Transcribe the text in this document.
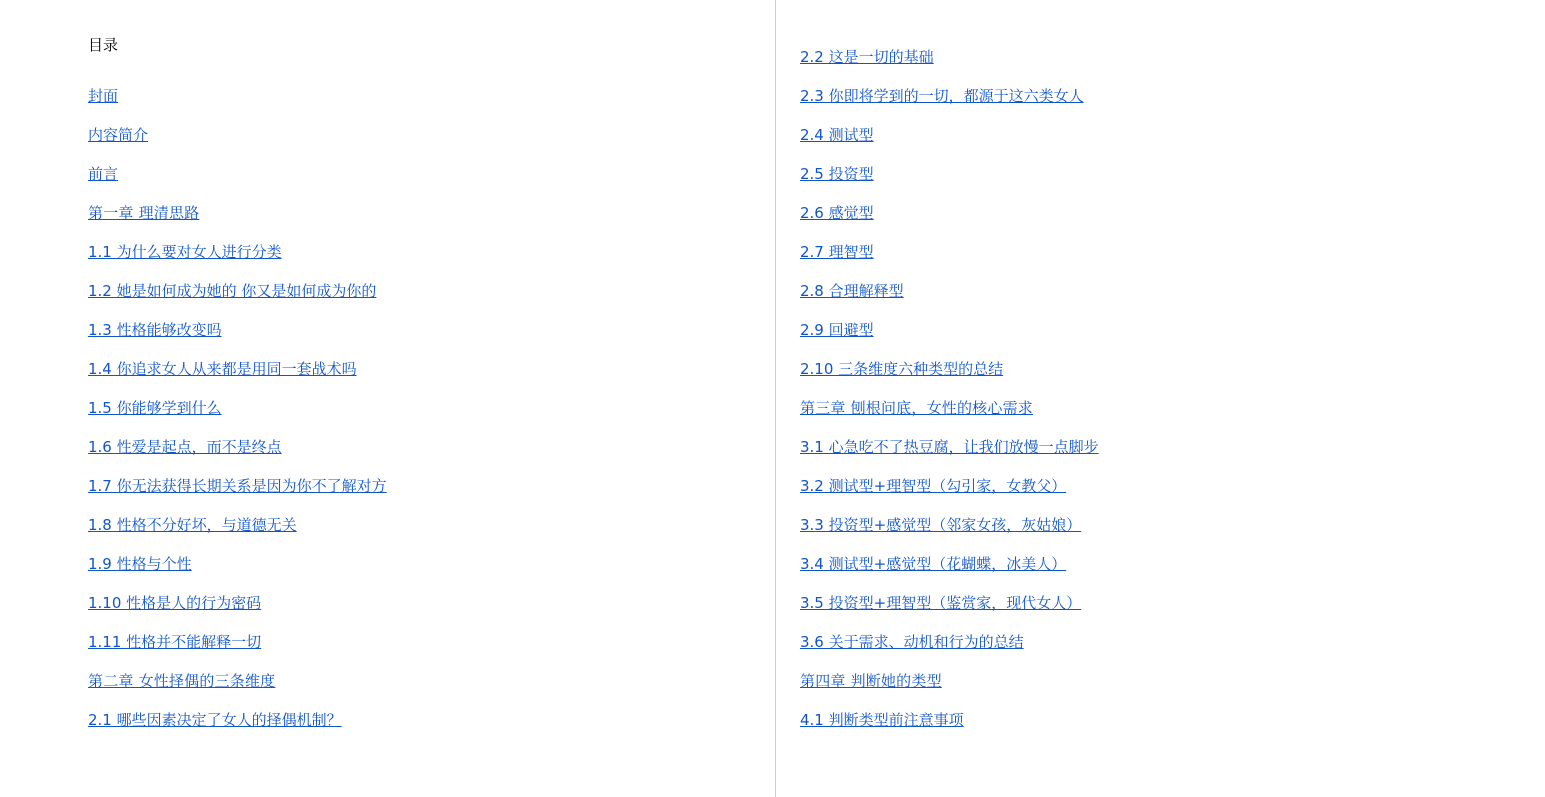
目录
封面
内容简介
前言
第一章 理清思路
1.1 为什么要对女人进行分类
1.2 她是如何成为她的 你又是如何成为你的
1.3 性格能够改变吗
1.4 你追求女人从来都是用同一套战术吗
1.5 你能够学到什么
1.6 性爱是起点，而不是终点
1.7 你无法获得长期关系是因为你不了解对方
1.8 性格不分好坏，与道德无关
1.9 性格与个性
1.10 性格是人的行为密码
1.11 性格并不能解释一切
第二章 女性择偶的三条维度
2.1 哪些因素决定了女人的择偶机制？
2.2 这是一切的基础
2.3 你即将学到的一切，都源于这六类女人
2.4 测试型
2.5 投资型
2.6 感觉型
2.7 理智型
2.8 合理解释型
2.9 回避型
2.10 三条维度六种类型的总结
第三章 刨根问底，女性的核心需求
3.1 心急吃不了热豆腐，让我们放慢一点脚步
3.2 测试型+理智型（勾引家，女教父）
3.3 投资型+感觉型（邻家女孩，灰姑娘）
3.4 测试型+感觉型（花蝴蝶，冰美人）
3.5 投资型+理智型（鉴赏家，现代女人）
3.6 关于需求、动机和行为的总结
第四章 判断她的类型
4.1 判断类型前注意事项
